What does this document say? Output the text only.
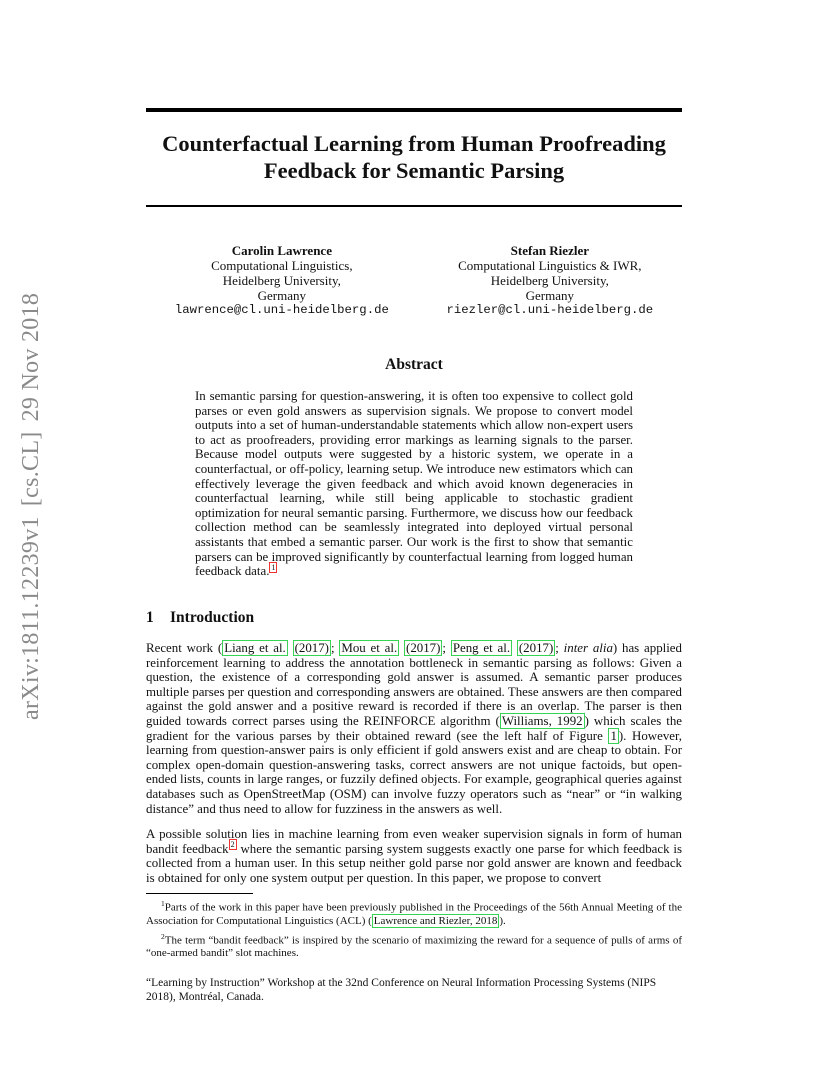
arXiv:1811.12239v1[cs.CL]29 Nov 2018
Counterfactual Learning from Human Proofreading
Feedback for Semantic Parsing
Carolin Lawrence
Computational Linguistics,
Heidelberg University,
Germany
lawrence@cl.uni-heidelberg.de
Stefan Riezler
Computational Linguistics & IWR,
Heidelberg University,
Germany
riezler@cl.uni-heidelberg.de
Abstract

In semantic parsing for question-answering, it is often too expensive to collect gold parses or even gold answers as supervision signals. We propose to convert model outputs into a set of human-understandable statements which allow non-expert users to act as proofreaders, providing error markings as learning signals to the parser. Because model outputs were suggested by a historic system, we operate in a counterfactual, or off-policy, learning setup. We introduce new estimators which can effectively leverage the given feedback and which avoid known degeneracies in counterfactual learning, while still being applicable to stochastic gradient optimization for neural semantic parsing. Furthermore, we discuss how our feedback collection method can be seamlessly integrated into deployed virtual personal assistants that embed a semantic parser. Our work is the first to show that semantic parsers can be improved significantly by counterfactual learning from logged human feedback data. $^1$

1 Introduction

Recent work ( Liang et al. (2017) ; Mou et al. (2017) ; Peng et al. (2017) ; inter alia) has applied reinforcement learning to address the annotation bottleneck in semantic parsing as follows: Given a question, the existence of a corresponding gold answer is assumed. A semantic parser produces multiple parses per question and corresponding answers are obtained. These answers are then compared against the gold answer and a positive reward is recorded if there is an overlap. The parser is then guided towards correct parses using the REINFORCE algorithm ( Williams, 1992 ) which scales the gradient for the various parses by their obtained reward (see the left half of Figure 1 ). However, learning from question-answer pairs is only efficient if gold answers exist and are cheap to obtain. For complex open-domain question-answering tasks, correct answers are not unique factoids, but open-ended lists, counts in large ranges, or fuzzily defined objects. For example, geographical queries against databases such as OpenStreetMap (OSM) can involve fuzzy operators such as “near” or “in walking distance” and thus need to allow for fuzziness in the answers as well.

A possible solution lies in machine learning from even weaker supervision signals in form of human bandit feedback $^2$ where the semantic parsing system suggests exactly one parse for which feedback is collected from a human user. In this setup neither gold parse nor gold answer are known and feedback is obtained for only one system output per question. In this paper, we propose to convert

$^1$Parts of the work in this paper have been previously published in the Proceedings of the 56th Annual Meeting of the Association for Computational Linguistics (ACL) ( Lawrence and Riezler, 2018 ).

$^2$The term “bandit feedback” is inspired by the scenario of maximizing the reward for a sequence of pulls of arms of “one-armed bandit” slot machines.

“Learning by Instruction” Workshop at the 32nd Conference on Neural Information Processing Systems (NIPS 2018), Montréal, Canada.
